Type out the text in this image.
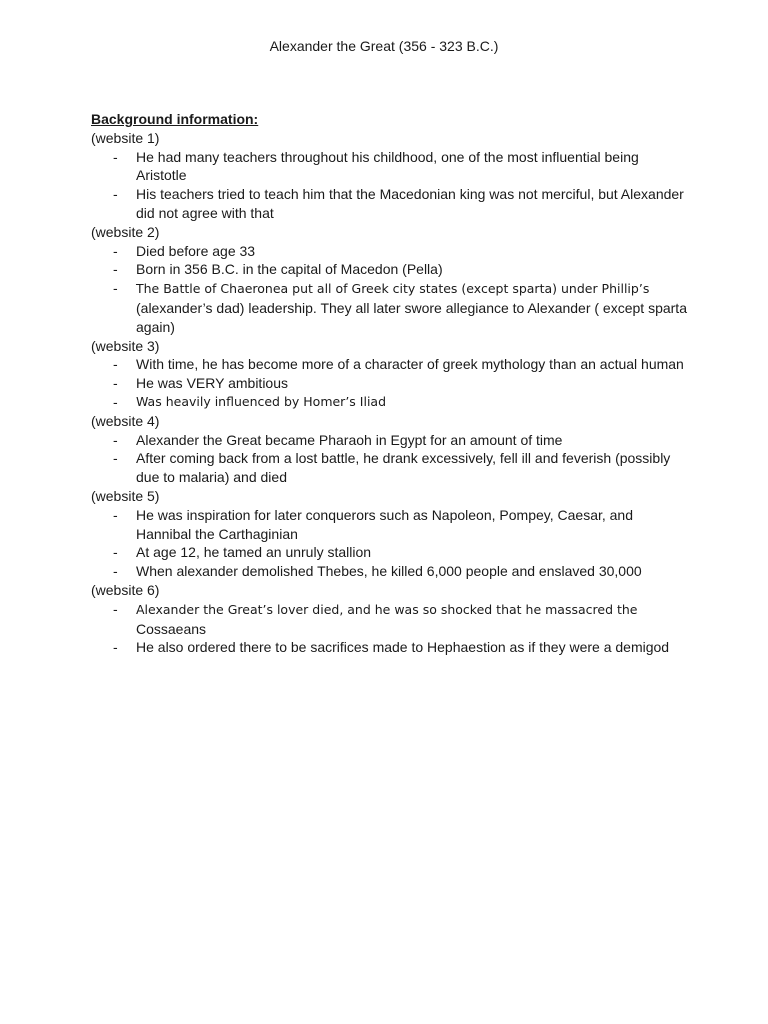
Alexander the Great (356 - 323 B.C.)
Background information:
(website 1)
- He had many teachers throughout his childhood, one of the most influential being Aristotle
- His teachers tried to teach him that the Macedonian king was not merciful, but Alexander did not agree with that
(website 2)
- Died before age 33
- Born in 356 B.C. in the capital of Macedon (Pella)
- The Battle of Chaeronea put all of Greek city states (except sparta) under Phillip’s
(alexander’s dad) leadership. They all later swore allegiance to Alexander ( except sparta again)
(website 3)
- With time, he has become more of a character of greek mythology than an actual human
- He was VERY ambitious
- Was heavily influenced by Homer’s Iliad
(website 4)
- Alexander the Great became Pharaoh in Egypt for an amount of time
- After coming back from a lost battle, he drank excessively, fell ill and feverish (possibly due to malaria) and died
(website 5)
- He was inspiration for later conquerors such as Napoleon, Pompey, Caesar, and Hannibal the Carthaginian
- At age 12, he tamed an unruly stallion
- When alexander demolished Thebes, he killed 6,000 people and enslaved 30,000
(website 6)
- Alexander the Great’s lover died, and he was so shocked that he massacred the
Cossaeans
- He also ordered there to be sacrifices made to Hephaestion as if they were a demigod
